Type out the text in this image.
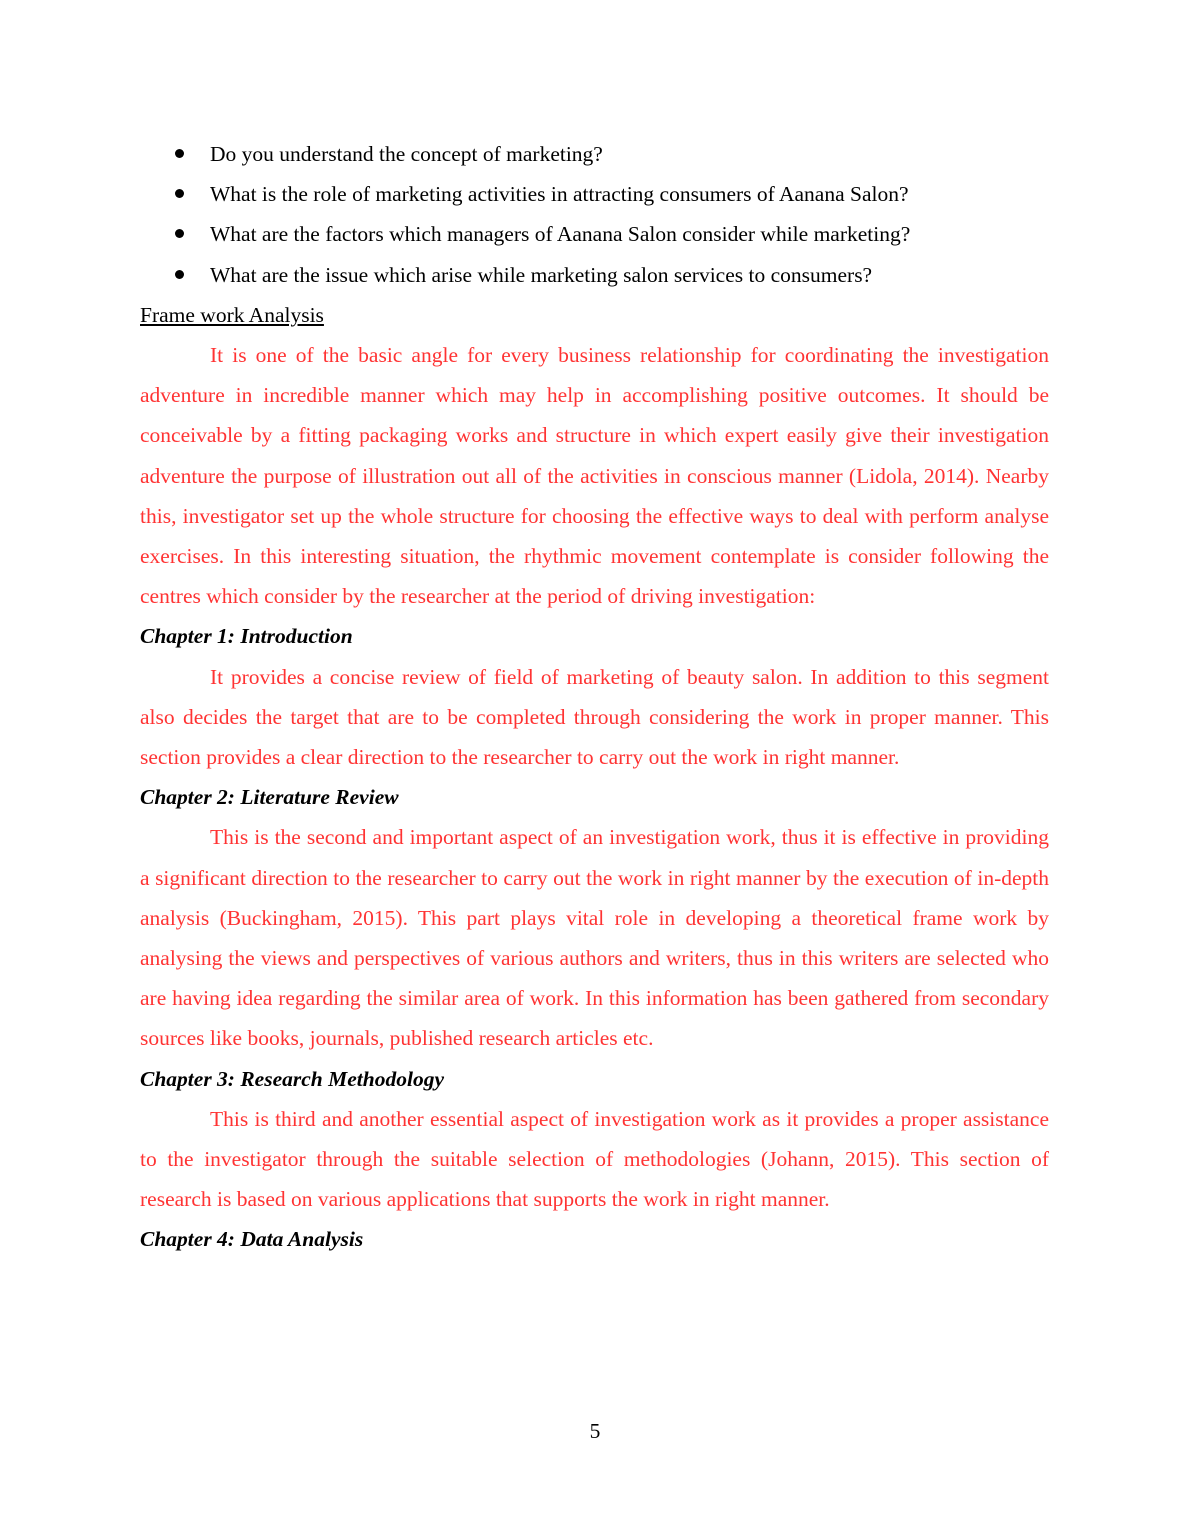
Do you understand the concept of marketing?
What is the role of marketing activities in attracting consumers of Aanana Salon?
What are the factors which managers of Aanana Salon consider while marketing?
What are the issue which arise while marketing salon services to consumers?

Frame work Analysis

It is one of the basic angle for every business relationship for coordinating the investigation adventure in incredible manner which may help in accomplishing positive outcomes. It should be conceivable by a fitting packaging works and structure in which expert easily give their investigation adventure the purpose of illustration out all of the activities in conscious manner (Lidola, 2014). Nearby this, investigator set up the whole structure for choosing the effective ways to deal with perform analyse exercises. In this interesting situation, the rhythmic movement contemplate is consider following the centres which consider by the researcher at the period of driving investigation:

Chapter 1: Introduction

It provides a concise review of field of marketing of beauty salon. In addition to this segment also decides the target that are to be completed through considering the work in proper manner. This section provides a clear direction to the researcher to carry out the work in right manner.

Chapter 2: Literature Review

This is the second and important aspect of an investigation work, thus it is effective in providing a significant direction to the researcher to carry out the work in right manner by the execution of in-depth analysis (Buckingham, 2015). This part plays vital role in developing a theoretical frame work by analysing the views and perspectives of various authors and writers, thus in this writers are selected who are having idea regarding the similar area of work. In this information has been gathered from secondary sources like books, journals, published research articles etc.

Chapter 3: Research Methodology

This is third and another essential aspect of investigation work as it provides a proper assistance to the investigator through the suitable selection of methodologies (Johann, 2015). This section of research is based on various applications that supports the work in right manner.

Chapter 4: Data Analysis

5
